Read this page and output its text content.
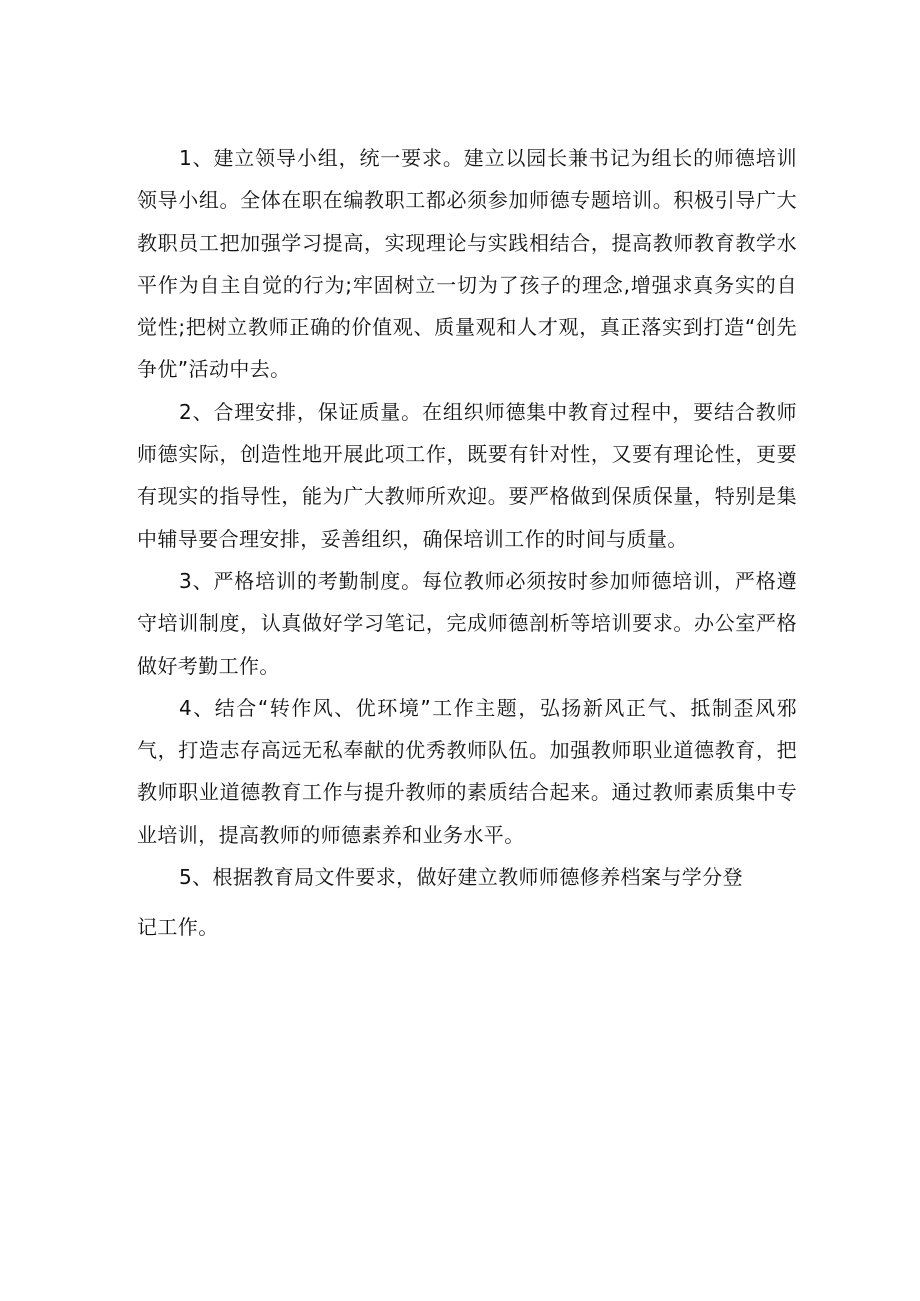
1、建立领导小组，统一要求。建立以园长兼书记为组长的师德培训领导小组。全体在职在编教职工都必须参加师德专题培训。积极引导广大教职员工把加强学习提高，实现理论与实践相结合，提高教师教育教学水平作为自主自觉的行为;牢固树立一切为了孩子的理念,增强求真务实的自觉性;把树立教师正确的价值观、质量观和人才观，真正落实到打造“创先争优”活动中去。

2、合理安排，保证质量。在组织师德集中教育过程中，要结合教师师德实际，创造性地开展此项工作，既要有针对性，又要有理论性，更要有现实的指导性，能为广大教师所欢迎。要严格做到保质保量，特别是集中辅导要合理安排，妥善组织，确保培训工作的时间与质量。

3、严格培训的考勤制度。每位教师必须按时参加师德培训，严格遵守培训制度，认真做好学习笔记，完成师德剖析等培训要求。办公室严格做好考勤工作。

4、结合“转作风、优环境”工作主题，弘扬新风正气、抵制歪风邪气，打造志存高远无私奉献的优秀教师队伍。加强教师职业道德教育，把教师职业道德教育工作与提升教师的素质结合起来。通过教师素质集中专业培训，提高教师的师德素养和业务水平。

5、根据教育局文件要求，做好建立教师师德修养档案与学分登

记工作。
